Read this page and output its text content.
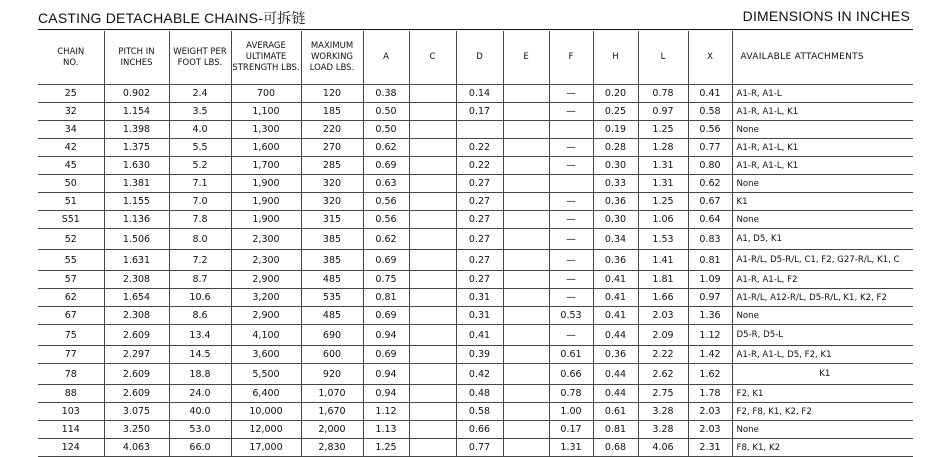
CASTING DETACHABLE CHAINS-可拆链	DIMENSIONS IN INCHES
CHAIN
NO.	PITCH IN
INCHES	WEIGHT PER
FOOT LBS.	AVERAGE
ULTIMATE
STRENGTH LBS.	MAXIMUM
WORKING
LOAD LBS.	A	C	D	E	F	H	L	X	AVAILABLE ATTACHMENTS
25	0.902	2.4	700	120	0.38		0.14		—	0.20	0.78	0.41	A1-R, A1-L
32	1.154	3.5	1,100	185	0.50		0.17		—	0.25	0.97	0.58	A1-R, A1-L, K1
34	1.398	4.0	1,300	220	0.50					0.19	1.25	0.56	None
42	1.375	5.5	1,600	270	0.62		0.22		—	0.28	1.28	0.77	A1-R, A1-L, K1
45	1.630	5.2	1,700	285	0.69		0.22		—	0.30	1.31	0.80	A1-R, A1-L, K1
50	1.381	7.1	1,900	320	0.63		0.27			0.33	1.31	0.62	None
51	1.155	7.0	1,900	320	0.56		0.27		—	0.36	1.25	0.67	K1
S51	1.136	7.8	1,900	315	0.56		0.27		—	0.30	1.06	0.64	None
52	1.506	8.0	2,300	385	0.62		0.27		—	0.34	1.53	0.83	A1, D5, K1
55	1.631	7.2	2,300	385	0.69		0.27		—	0.36	1.41	0.81	A1-R/L, D5-R/L, C1, F2, G27-R/L, K1, C
57	2.308	8.7	2,900	485	0.75		0.27		—	0.41	1.81	1.09	A1-R, A1-L, F2
62	1.654	10.6	3,200	535	0.81		0.31		—	0.41	1.66	0.97	A1-R/L, A12-R/L, D5-R/L, K1, K2, F2
67	2.308	8.6	2,900	485	0.69		0.31		0.53	0.41	2.03	1.36	None
75	2.609	13.4	4,100	690	0.94		0.41		—	0.44	2.09	1.12	D5-R, D5-L
77	2.297	14.5	3,600	600	0.69		0.39		0.61	0.36	2.22	1.42	A1-R, A1-L, D5, F2, K1
78	2.609	18.8	5,500	920	0.94		0.42		0.66	0.44	2.62	1.62	K1
88	2.609	24.0	6,400	1,070	0.94		0.48		0.78	0.44	2.75	1.78	F2, K1
103	3.075	40.0	10,000	1,670	1.12		0.58		1.00	0.61	3.28	2.03	F2, F8, K1, K2, F2
114	3.250	53.0	12,000	2,000	1.13		0.66		0.17	0.81	3.28	2.03	None
124	4.063	66.0	17,000	2,830	1.25		0.77		1.31	0.68	4.06	2.31	F8, K1, K2
